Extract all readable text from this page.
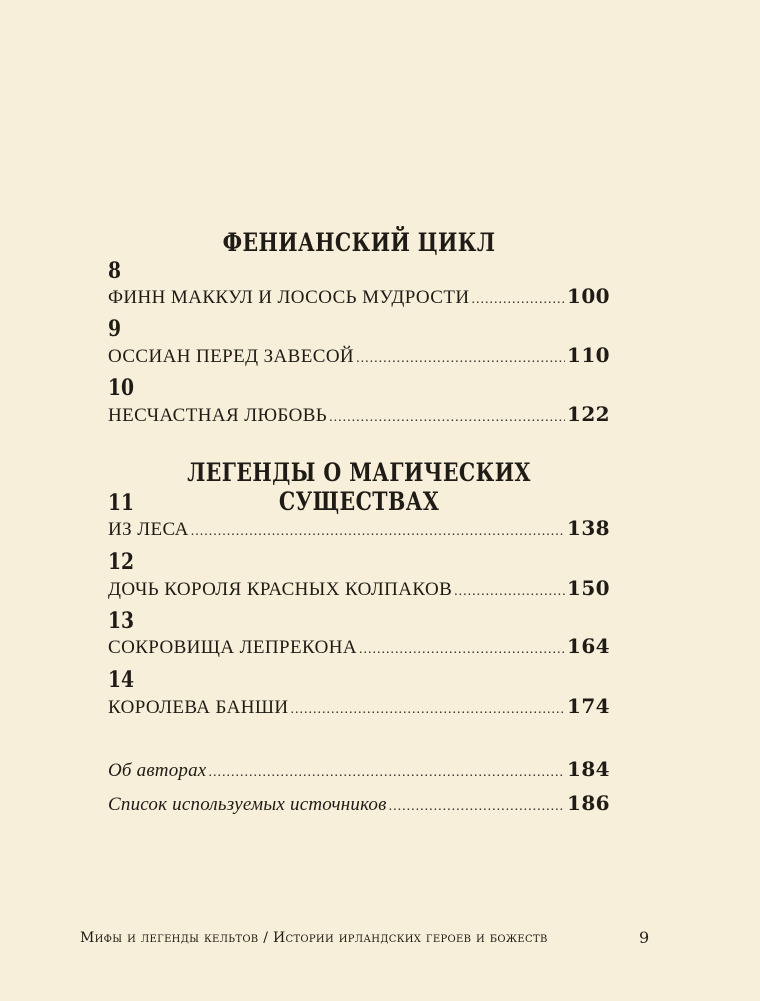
ФЕНИАНСКИЙ ЦИКЛ
8
ФИНН МАККУЛ И ЛОСОСЬ МУДРОСТИ .....	100
9
ОССИАН ПЕРЕД ЗАВЕСОЙ .....	110
10
НЕСЧАСТНАЯ ЛЮБОВЬ .....	122
ЛЕГЕНДЫ О МАГИЧЕСКИХ СУЩЕСТВАХ
11
ИЗ ЛЕСА .....	138
12
ДОЧЬ КОРОЛЯ КРАСНЫХ КОЛПАКОВ .....	150
13
СОКРОВИЩА ЛЕПРЕКОНА .....	164
14
КОРОЛЕВА БАНШИ .....	174
Об авторах .....	184
Список используемых источников .....	186
Мифы и легенды кельтов / Истории ирландских героев и божеств	9
